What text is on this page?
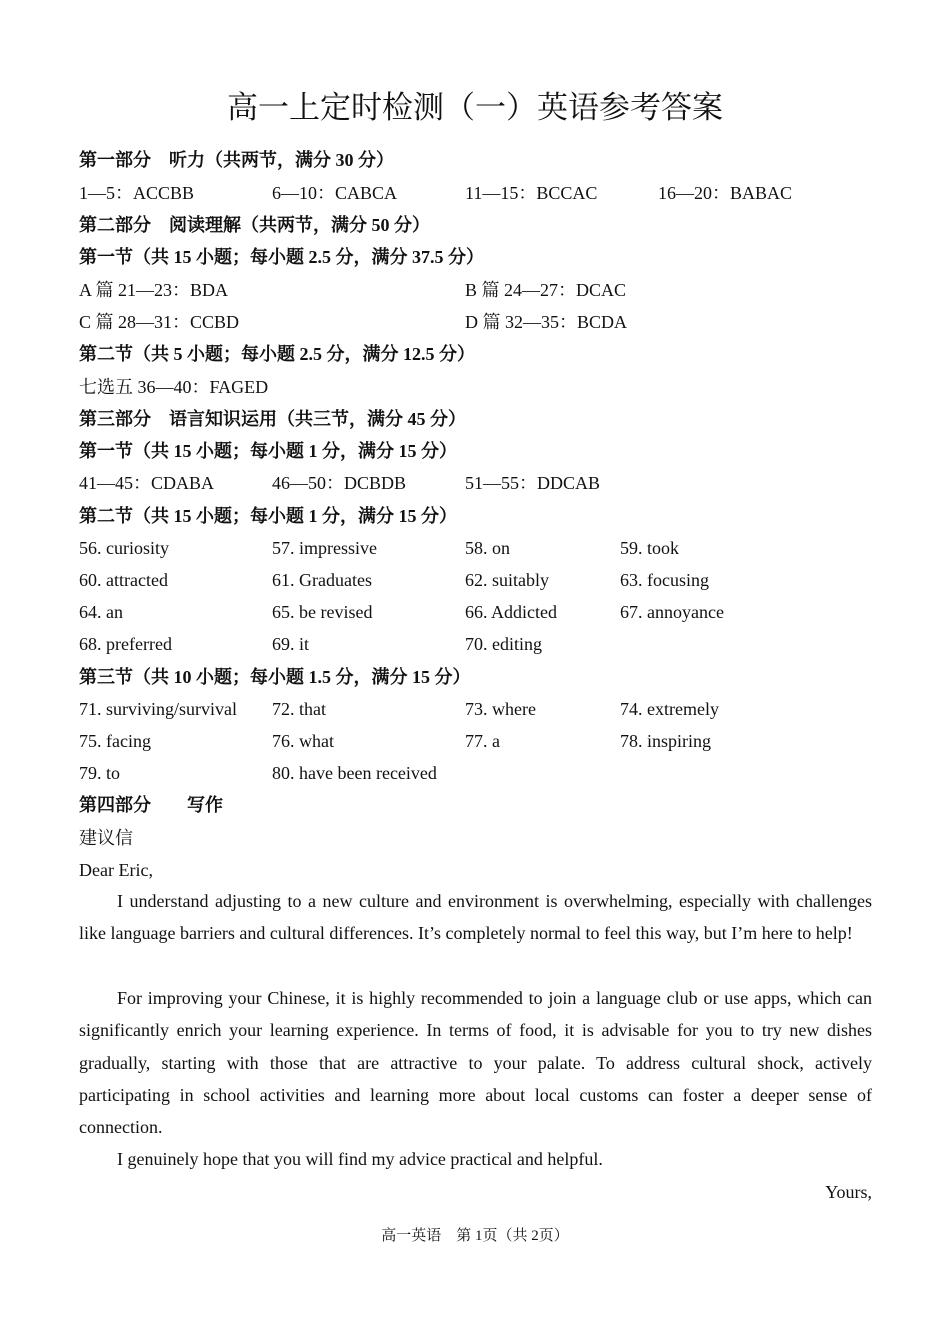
高一上定时检测（一）英语参考答案
第一部分　听力（共两节，满分 30 分）
1—5：ACCBB	6—10：CABCA	11—15：BCCAC	16—20：BABAC
第二部分　阅读理解（共两节，满分 50 分）
第一节（共 15 小题；每小题 2.5 分，满分 37.5 分）
A 篇 21—23：BDA	B 篇 24—27：DCAC
C 篇 28—31：CCBD	D 篇 32—35：BCDA
第二节（共 5 小题；每小题 2.5 分，满分 12.5 分）
七选五 36—40：FAGED
第三部分　语言知识运用（共三节，满分 45 分）
第一节（共 15 小题；每小题 1 分，满分 15 分）
41—45：CDABA	46—50：DCBDB	51—55：DDCAB
第二节（共 15 小题；每小题 1 分，满分 15 分）
56. curiosity	57. impressive	58. on	59. took
60. attracted	61. Graduates	62. suitably	63. focusing
64. an	65. be revised	66. Addicted	67. annoyance
68. preferred	69. it	70. editing
第三节（共 10 小题；每小题 1.5 分，满分 15 分）
71. surviving/survival 72. that	73. where	74. extremely
75. facing	76. what	77. a	78. inspiring
79. to	80. have been received
第四部分　　写作
建议信
Dear Eric,
I understand adjusting to a new culture and environment is overwhelming, especially with challenges like language barriers and cultural differences. It’s completely normal to feel this way, but I’m here to help!
For improving your Chinese, it is highly recommended to join a language club or use apps, which can significantly enrich your learning experience. In terms of food, it is advisable for you to try new dishes gradually, starting with those that are attractive to your palate. To address cultural shock, actively participating in school activities and learning more about local customs can foster a deeper sense of connection.
I genuinely hope that you will find my advice practical and helpful.
Yours,
高一英语　第 1页（共 2页）
